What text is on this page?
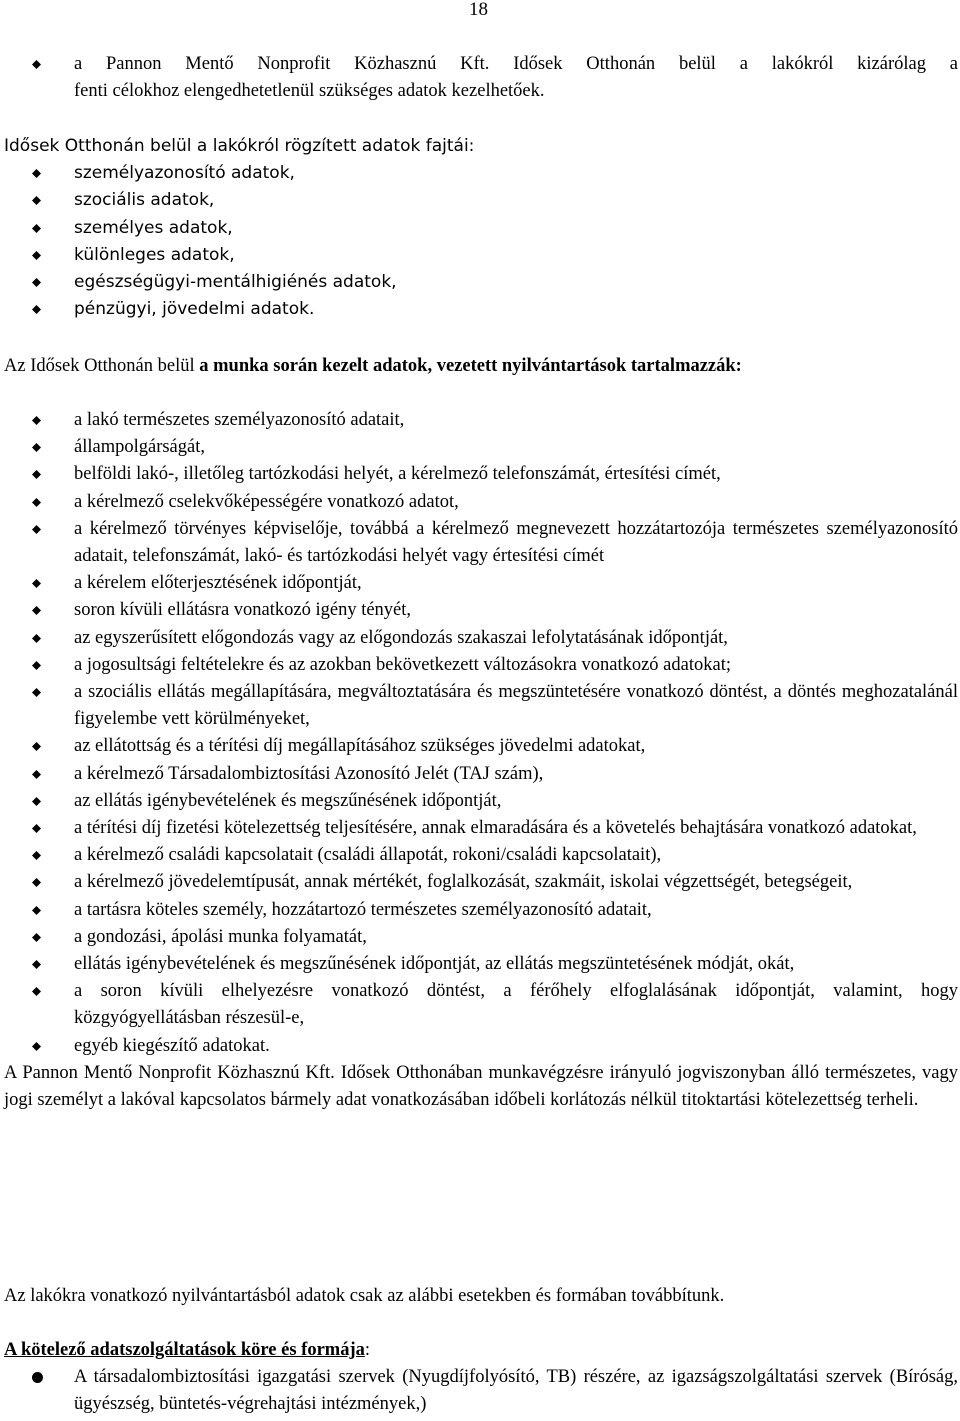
18
a Pannon Mentő Nonprofit Közhasznú Kft. Idősek Otthonán belül a lakókról kizárólag a
fenti célokhoz elengedhetetlenül szükséges adatok kezelhetőek.
Idősek Otthonán belül a lakókról rögzített adatok fajtái:
személyazonosító adatok,
szociális adatok,
személyes adatok,
különleges adatok,
egészségügyi-mentálhigiénés adatok,
pénzügyi, jövedelmi adatok.
Az Idősek Otthonán belül a munka során kezelt adatok, vezetett nyilvántartások tartalmazzák:
a lakó természetes személyazonosító adatait,
állampolgárságát,
belföldi lakó-, illetőleg tartózkodási helyét, a kérelmező telefonszámát, értesítési címét,
a kérelmező cselekvőképességére vonatkozó adatot,
a kérelmező törvényes képviselője, továbbá a kérelmező megnevezett hozzátartozója természetes személyazonosító adatait, telefonszámát, lakó- és tartózkodási helyét vagy értesítési címét
a kérelem előterjesztésének időpontját,
soron kívüli ellátásra vonatkozó igény tényét,
az egyszerűsített előgondozás vagy az előgondozás szakaszai lefolytatásának időpontját,
a jogosultsági feltételekre és az azokban bekövetkezett változásokra vonatkozó adatokat;
a szociális ellátás megállapítására, megváltoztatására és megszüntetésére vonatkozó döntést, a döntés meghozatalánál figyelembe vett körülményeket,
az ellátottság és a térítési díj megállapításához szükséges jövedelmi adatokat,
a kérelmező Társadalombiztosítási Azonosító Jelét (TAJ szám),
az ellátás igénybevételének és megszűnésének időpontját,
a térítési díj fizetési kötelezettség teljesítésére, annak elmaradására és a követelés behajtására vonatkozó adatokat,
a kérelmező családi kapcsolatait (családi állapotát, rokoni/családi kapcsolatait),
a kérelmező jövedelemtípusát, annak mértékét, foglalkozását, szakmáit, iskolai végzettségét, betegségeit,
a tartásra köteles személy, hozzátartozó természetes személyazonosító adatait,
a gondozási, ápolási munka folyamatát,
ellátás igénybevételének és megszűnésének időpontját, az ellátás megszüntetésének módját, okát,
a soron kívüli elhelyezésre vonatkozó döntést, a férőhely elfoglalásának időpontját, valamint, hogy közgyógyellátásban részesül-e,
egyéb kiegészítő adatokat.
A Pannon Mentő Nonprofit Közhasznú Kft. Idősek Otthonában munkavégzésre irányuló jogviszonyban álló természetes, vagy jogi személyt a lakóval kapcsolatos bármely adat vonatkozásában időbeli korlátozás nélkül titoktartási kötelezettség terheli.
Az lakókra vonatkozó nyilvántartásból adatok csak az alábbi esetekben és formában továbbítunk.
A kötelező adatszolgáltatások köre és formája:
A társadalombiztosítási igazgatási szervek (Nyugdíjfolyósító, TB) részére, az igazságszolgáltatási szervek (Bíróság, ügyészség, büntetés-végrehajtási intézmények,)
